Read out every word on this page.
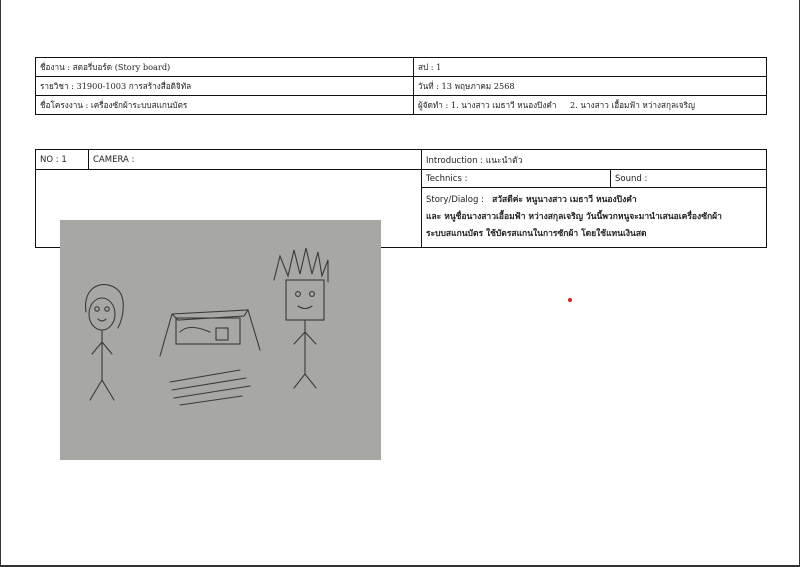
ชื่องาน : สตอรี่บอร์ด (Story board)	สป : 1
รายวิชา : 31900-1003 การสร้างสื่อดิจิทัล	วันที่ : 13 พฤษภาคม 2568
ชื่อโครงงาน : เครื่องซักผ้าระบบสแกนบัตร	ผู้จัดทำ : 1. นางสาว เมธาวี หนองปิงคำ 2. นางสาว เอื้อมฟ้า หว่างสกุลเจริญ
NO : 1	CAMERA :	Introduction : แนะนำตัว	

	Technics :	Sound :

		Story/Dialog : สวัสดีค่ะ หนูนางสาว เมธาวี หนองปิงคำ
และ หนูชื่อนางสาวเอื้อมฟ้า หว่างสกุลเจริญ วันนี้พวกหนูจะมานำเสนอเครื่องซักผ้า
ระบบสแกนบัตร ใช้บัตรสแกนในการซักผ้า โดยใช้แทนเงินสด	
